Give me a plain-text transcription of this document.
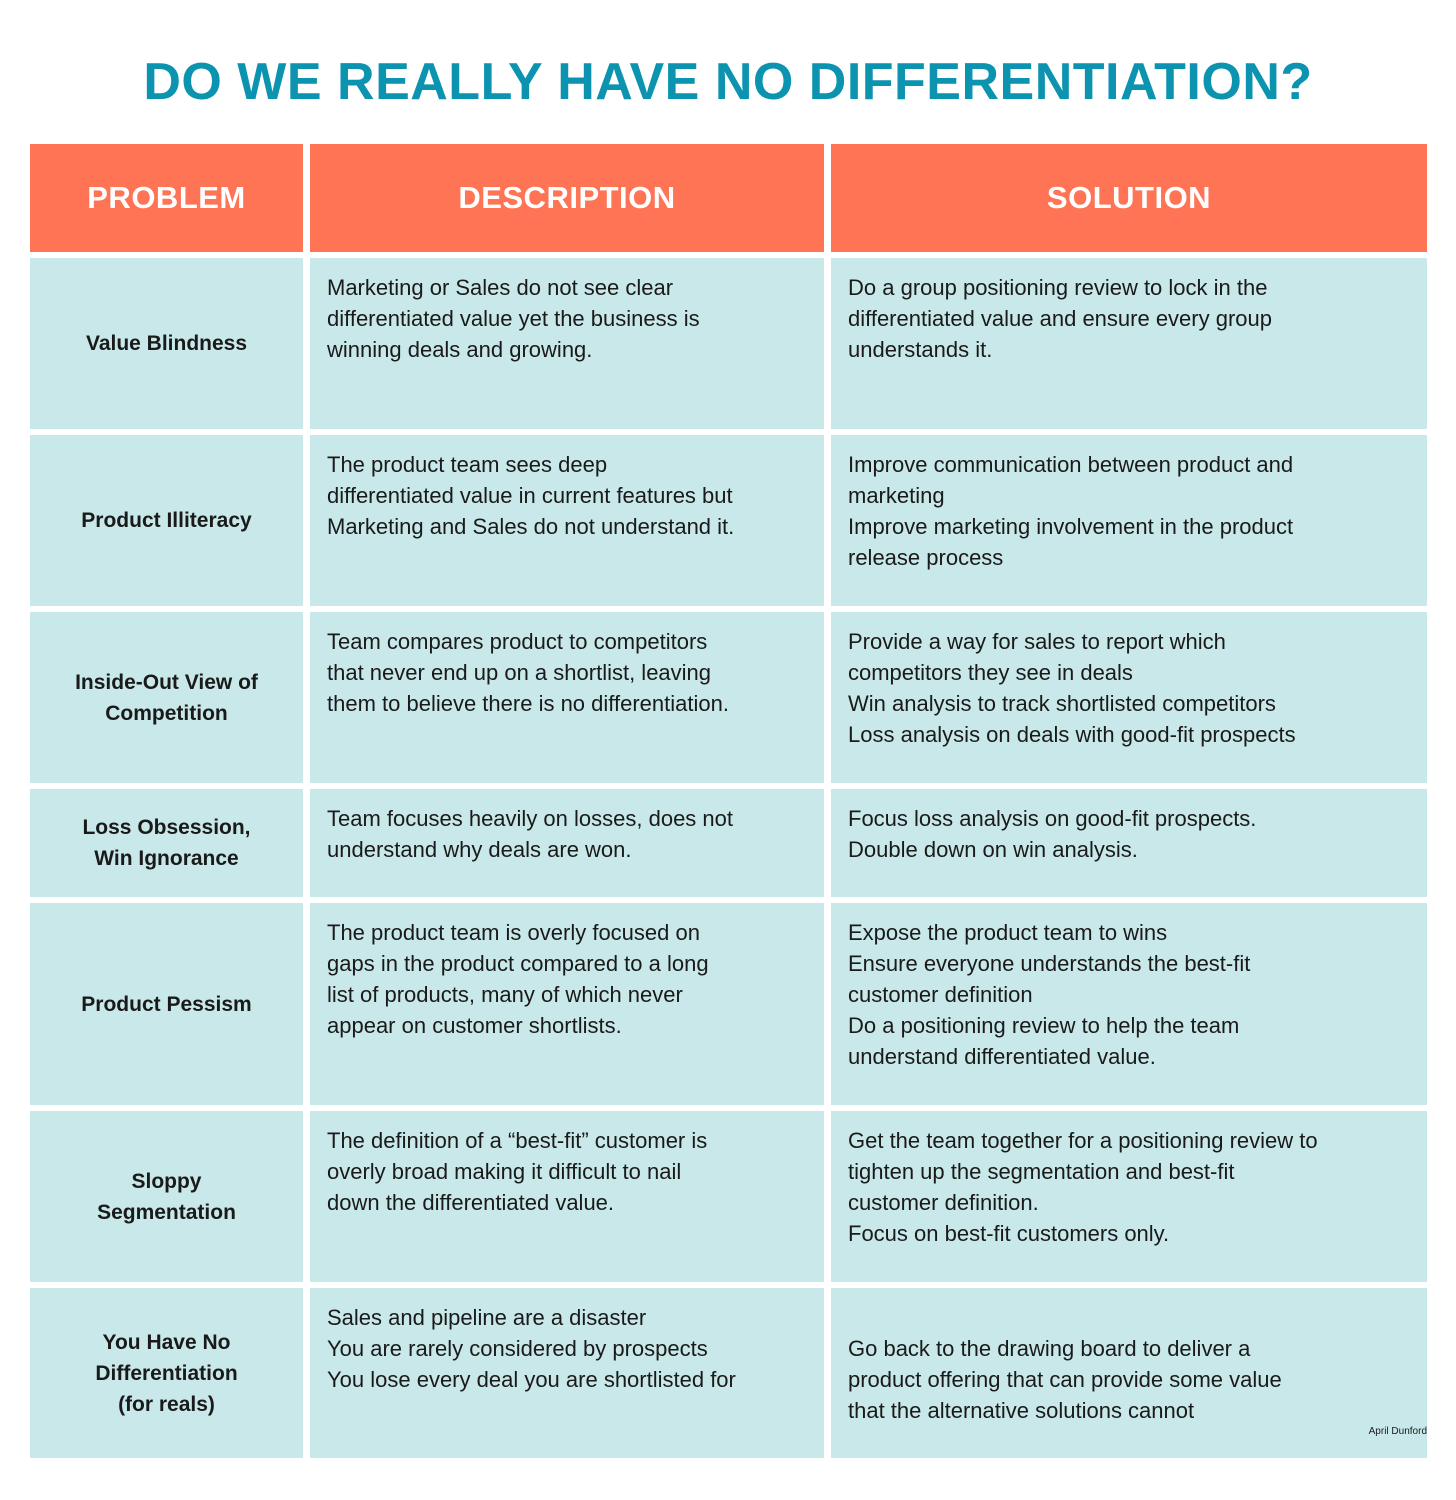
DO WE REALLY HAVE NO DIFFERENTIATION?
PROBLEM	DESCRIPTION	SOLUTION
Value Blindness
Marketing or Sales do not see clear
differentiated value yet the business is
winning deals and growing.
Do a group positioning review to lock in the
differentiated value and ensure every group
understands it.
Product Illiteracy
The product team sees deep
differentiated value in current features but
Marketing and Sales do not understand it.
Improve communication between product and
marketing
Improve marketing involvement in the product
release process
Inside-Out View of
Competition
Team compares product to competitors
that never end up on a shortlist, leaving
them to believe there is no differentiation.
Provide a way for sales to report which
competitors they see in deals
Win analysis to track shortlisted competitors
Loss analysis on deals with good-fit prospects
Loss Obsession,
Win Ignorance
Team focuses heavily on losses, does not
understand why deals are won.
Focus loss analysis on good-fit prospects.
Double down on win analysis.
Product Pessism
The product team is overly focused on
gaps in the product compared to a long
list of products, many of which never
appear on customer shortlists.
Expose the product team to wins
Ensure everyone understands the best-fit
customer definition
Do a positioning review to help the team
understand differentiated value.
Sloppy
Segmentation
The definition of a “best-fit” customer is
overly broad making it difficult to nail
down the differentiated value.
Get the team together for a positioning review to
tighten up the segmentation and best-fit
customer definition.
Focus on best-fit customers only.
You Have No
Differentiation
(for reals)
Sales and pipeline are a disaster
You are rarely considered by prospects
You lose every deal you are shortlisted for

Go back to the drawing board to deliver a
product offering that can provide some value
that the alternative solutions cannot

April Dunford
